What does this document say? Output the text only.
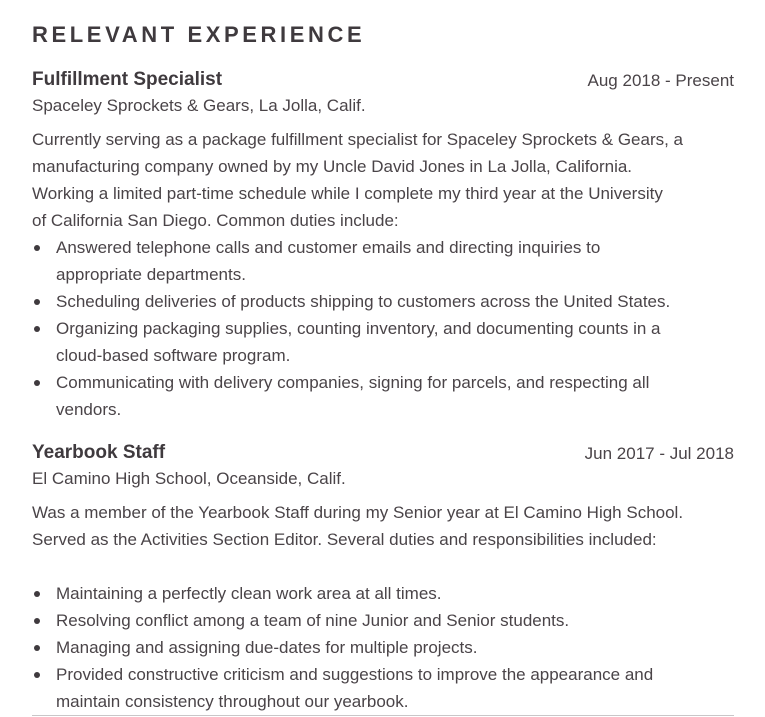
RELEVANT EXPERIENCE
Fulfillment Specialist	Aug 2018 - Present
Spaceley Sprockets & Gears, La Jolla, Calif.
Currently serving as a package fulfillment specialist for Spaceley Sprockets & Gears, a
manufacturing company owned by my Uncle David Jones in La Jolla, California.
Working a limited part-time schedule while I complete my third year at the University
of California San Diego. Common duties include:
Answered telephone calls and customer emails and directing inquiries to
appropriate departments.
Scheduling deliveries of products shipping to customers across the United States.
Organizing packaging supplies, counting inventory, and documenting counts in a
cloud-based software program.
Communicating with delivery companies, signing for parcels, and respecting all
vendors.
Yearbook Staff	Jun 2017 - Jul 2018
El Camino High School, Oceanside, Calif.
Was a member of the Yearbook Staff during my Senior year at El Camino High School.
Served as the Activities Section Editor. Several duties and responsibilities included:
Maintaining a perfectly clean work area at all times.
Resolving conflict among a team of nine Junior and Senior students.
Managing and assigning due-dates for multiple projects.
Provided constructive criticism and suggestions to improve the appearance and
maintain consistency throughout our yearbook.
